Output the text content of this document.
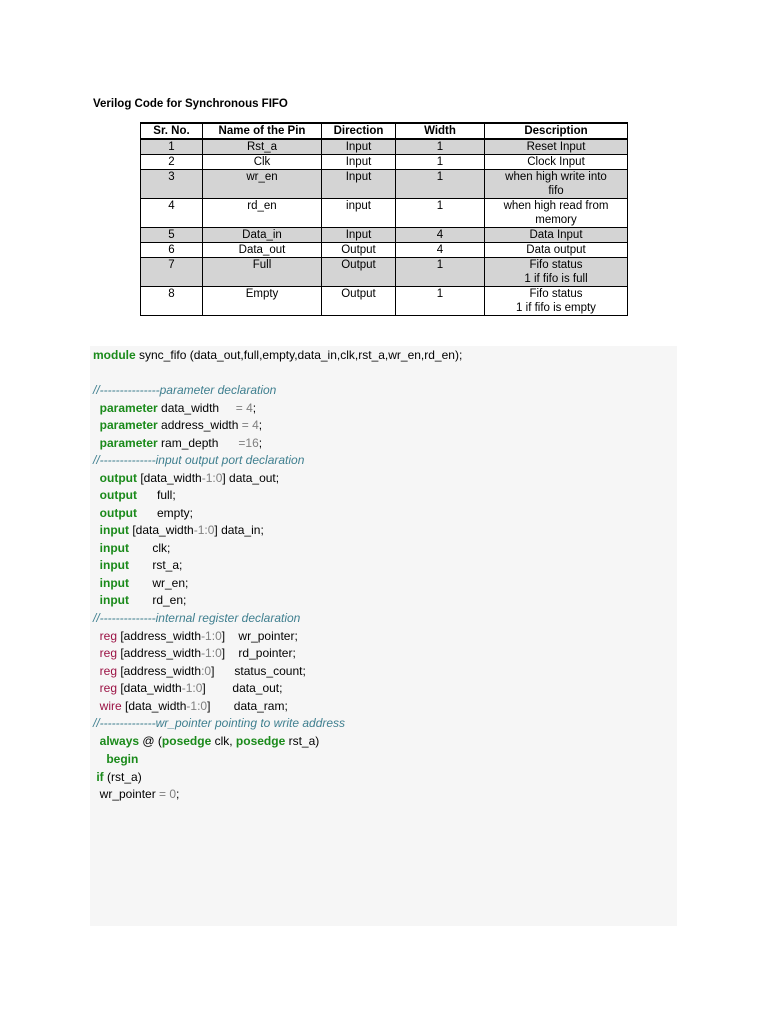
Verilog Code for Synchronous FIFO
Sr. No.	Name of the Pin	Direction	Width	Description
1	Rst_a	Input	1	Reset Input
2	Clk	Input	1	Clock Input
3	wr_en	Input	1	when high write into
fifo
4	rd_en	input	1	when high read from
memory
5	Data_in	Input	4	Data Input
6	Data_out	Output	4	Data output
7	Full	Output	1	Fifo status
1 if fifo is full
8	Empty	Output	1	Fifo status
1 if fifo is empty
module sync_fifo (data_out,full,empty,data_in,clk,rst_a,wr_en,rd_en);
//---------------parameter declaration
parameter data_width     = 4;
parameter address_width = 4;
parameter ram_depth      =16;
//--------------input output port declaration
output [data_width-1:0] data_out;
output      full;
output      empty;
input [data_width-1:0] data_in;
input       clk;
input       rst_a;
input       wr_en;
input       rd_en;
//--------------internal register declaration
reg [address_width-1:0]    wr_pointer;
reg [address_width-1:0]    rd_pointer;
reg [address_width:0]      status_count;
reg [data_width-1:0]        data_out;
wire [data_width-1:0]       data_ram;
//--------------wr_pointer pointing to write address
always @ (posedge clk, posedge rst_a)
begin
if (rst_a)
wr_pointer = 0;
